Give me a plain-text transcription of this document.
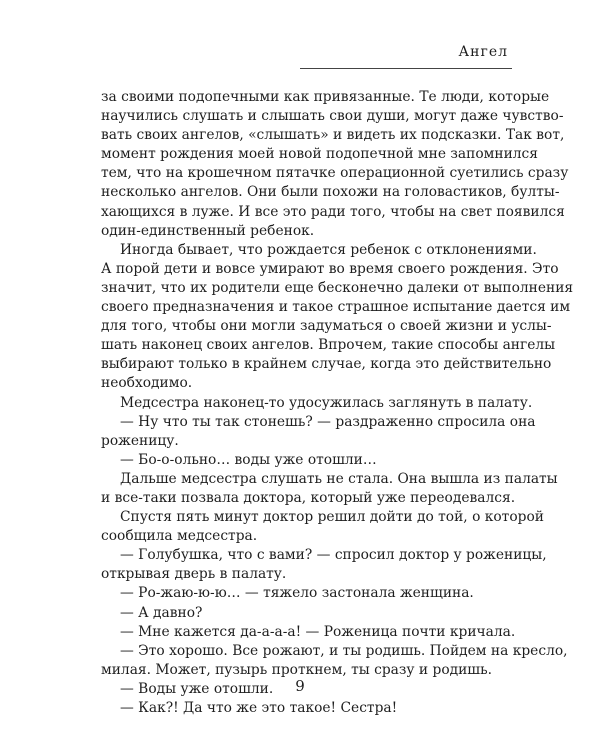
Ангел
за своими подопечными как привязанные. Те люди, которые
научились слушать и слышать свои души, могут даже чувство-
вать своих ангелов, «слышать» и видеть их подсказки. Так вот,
момент рождения моей новой подопечной мне запомнился
тем, что на крошечном пятачке операционной суетились сразу
несколько ангелов. Они были похожи на головастиков, булты-
хающихся в луже. И все это ради того, чтобы на свет появился
один-единственный ребенок.
Иногда бывает, что рождается ребенок с отклонениями.
А порой дети и вовсе умирают во время своего рождения. Это
значит, что их родители еще бесконечно далеки от выполнения
своего предназначения и такое страшное испытание дается им
для того, чтобы они могли задуматься о своей жизни и услы-
шать наконец своих ангелов. Впрочем, такие способы ангелы
выбирают только в крайнем случае, когда это действительно
необходимо.
Медсестра наконец-то удосужилась заглянуть в палату.
— Ну что ты так стонешь? — раздраженно спросила она
роженицу.
— Бо-о-ольно… воды уже отошли…
Дальше медсестра слушать не стала. Она вышла из палаты
и все-таки позвала доктора, который уже переодевался.
Спустя пять минут доктор решил дойти до той, о которой
сообщила медсестра.
— Голубушка, что с вами? — спросил доктор у роженицы,
открывая дверь в палату.
— Ро-жаю-ю-ю… — тяжело застонала женщина.
— А давно?
— Мне кажется да-а-а-а! — Роженица почти кричала.
— Это хорошо. Все рожают, и ты родишь. Пойдем на кресло,
милая. Может, пузырь проткнем, ты сразу и родишь.
— Воды уже отошли.
— Как?! Да что же это такое! Сестра!
9
